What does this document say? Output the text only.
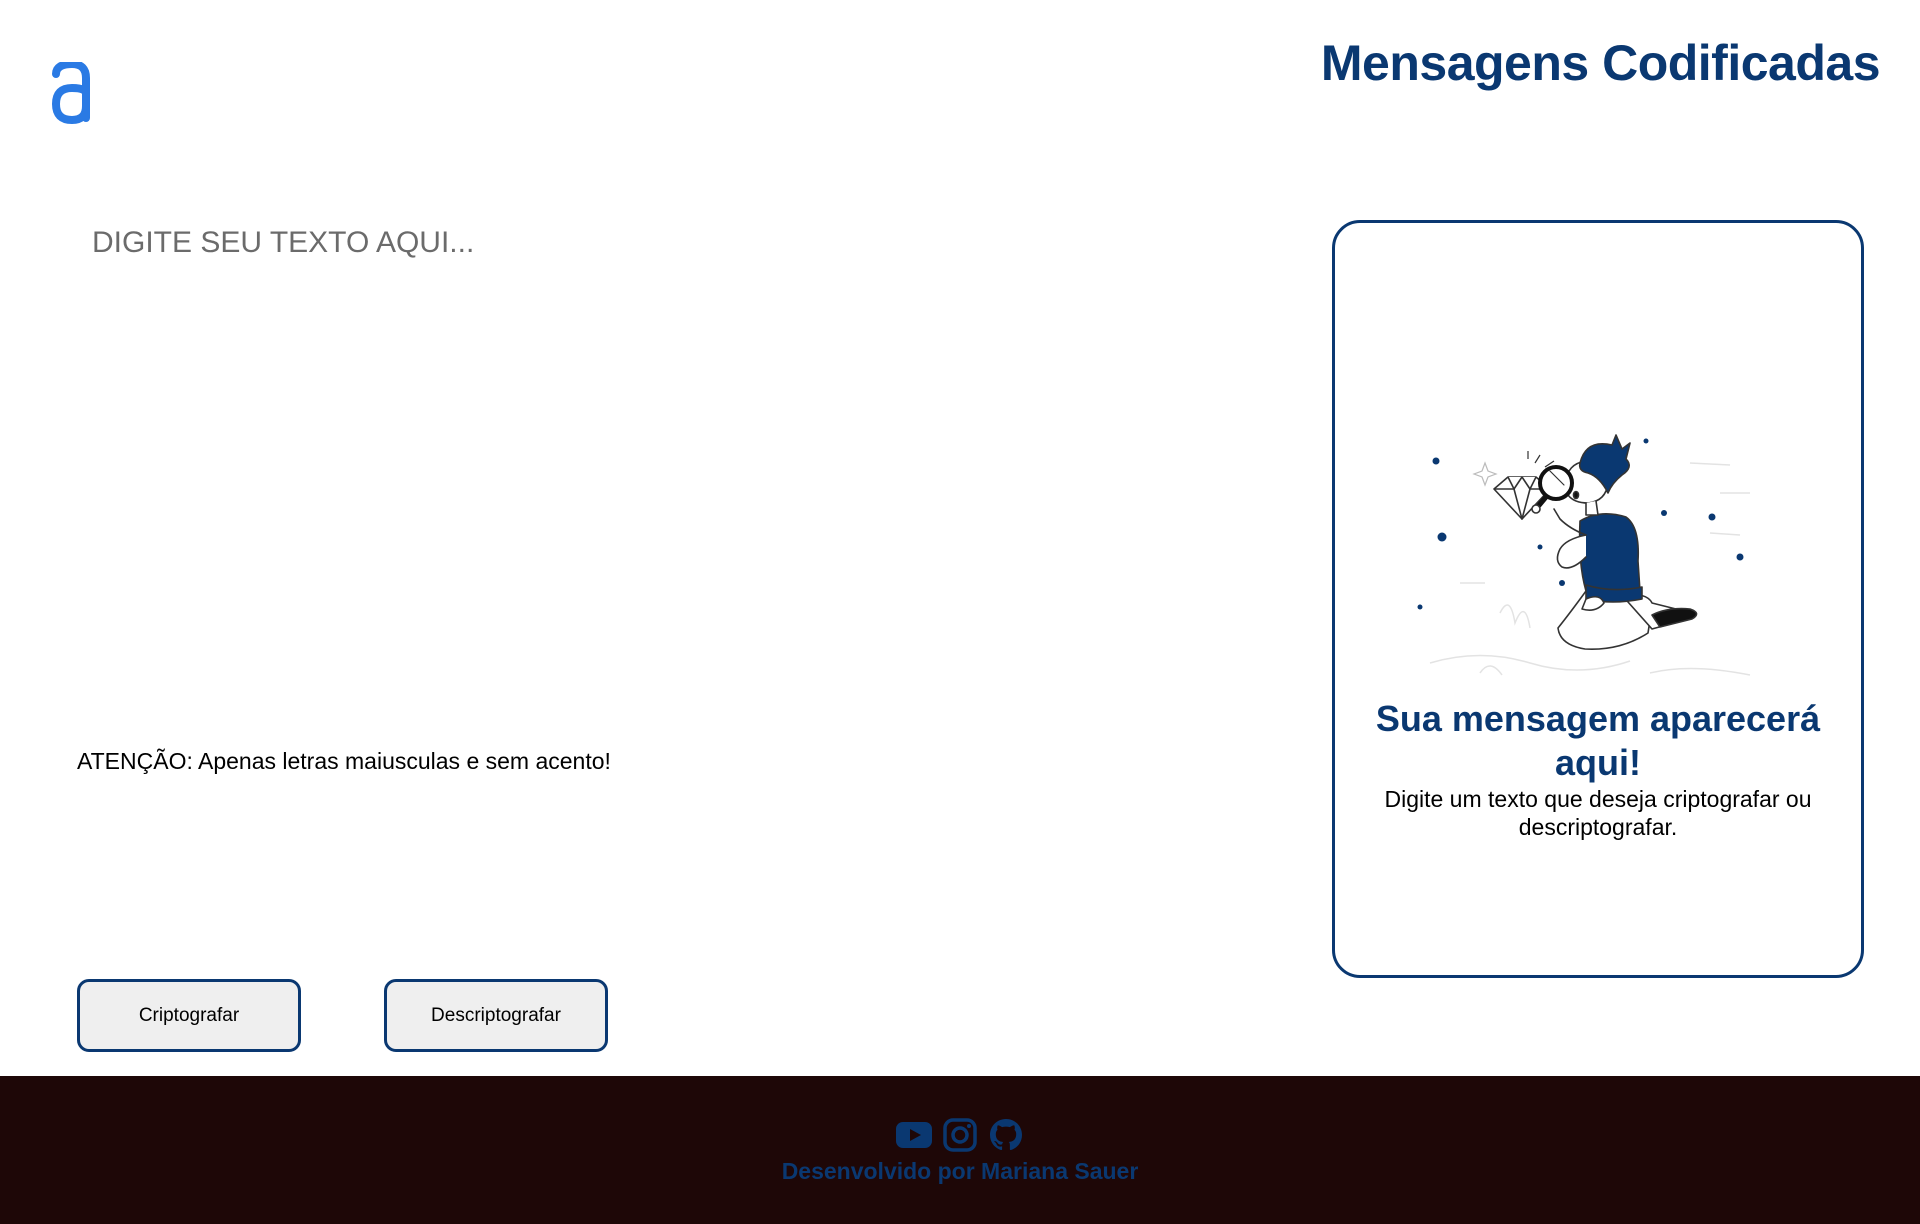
Mensagens Codificadas
DIGITE SEU TEXTO AQUI...
ATENÇÃO: Apenas letras maiusculas e sem acento!
Criptografar	Descriptografar
Sua mensagem aparecerá aqui!

Digite um texto que deseja criptografar ou descriptografar.

Desenvolvido por Mariana Sauer
